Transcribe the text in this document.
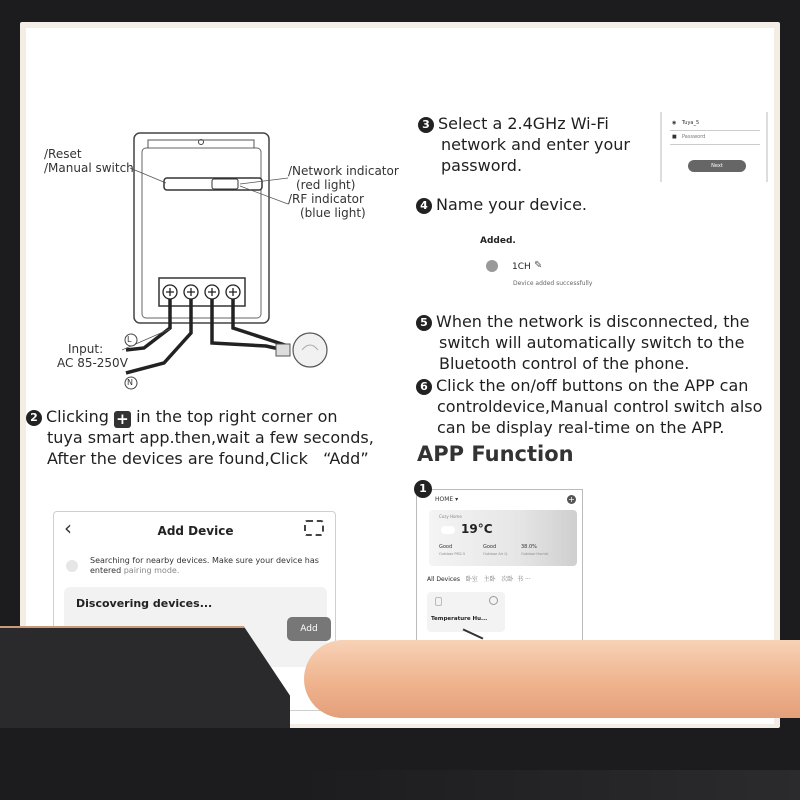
/Reset
/Manual switch	/Network indicator
(red light)
/RF indicator
(blue light)
Input:
AC 85-250V
L
N
2 Clicking + in the top right corner on
tuya smart app.then,wait a few seconds,
After the devices are found,Click   “Add”
‹	Add Device
Searching for nearby devices. Make sure your device has
entered pairing mode.
Discovering devices...
Add
3 Select a 2.4GHz Wi-Fi
network and enter your
password.
◉ Tuya_5
■ Password
Next
4 Name your device.
Added.
1CH ✎
Device added successfully
5 When the network is disconnected, the
switch will automatically switch to the
Bluetooth control of the phone.
6 Click the on/off buttons on the APP can
controldevice,Manual control switch also
can be display real-time on the APP.
APP Function
1
HOME ▾	+
Cozy Home
19°C
Good
Outdoor PM2.5
Good
Outdoor Air Q.
38.0%
Outdoor Humid.
All Devices 卧室 主卧 次卧 书 ···
Temperature Hu...
